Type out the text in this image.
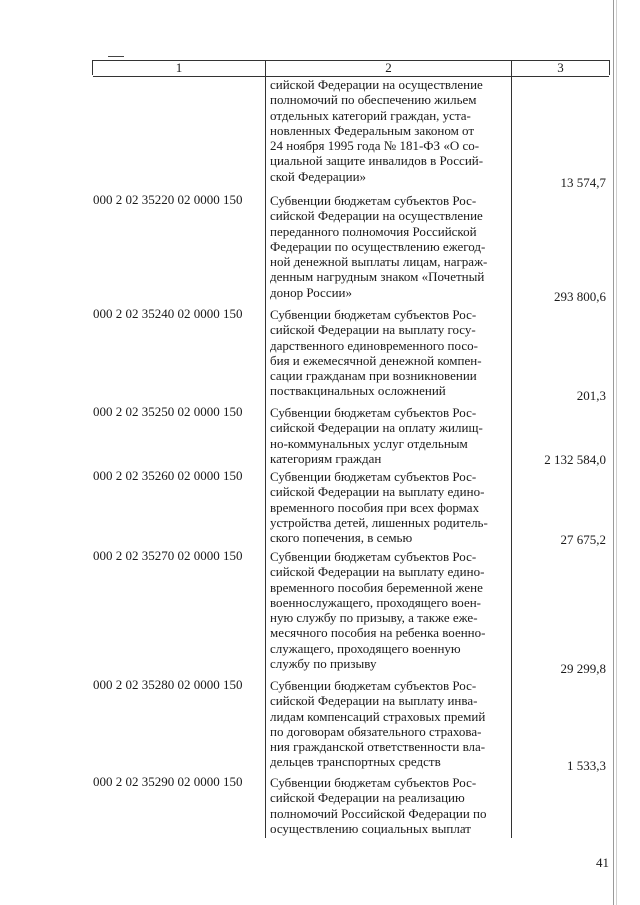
1	2	3
сийской Федерации на осуществление
полномочий по обеспечению жильем
отдельных категорий граждан, уста-
новленных Федеральным законом от
24 ноября 1995 года № 181-ФЗ «О со-
циальной защите инвалидов в Россий-
ской Федерации»	13 574,7
000 2 02 35220 02 0000 150	Субвенции бюджетам субъектов Рос-
сийской Федерации на осуществление
переданного полномочия Российской
Федерации по осуществлению ежегод-
ной денежной выплаты лицам, награж-
денным нагрудным знаком «Почетный
донор России»	293 800,6
000 2 02 35240 02 0000 150	Субвенции бюджетам субъектов Рос-
сийской Федерации на выплату госу-
дарственного единовременного посо-
бия и ежемесячной денежной компен-
сации гражданам при возникновении
поствакцинальных осложнений	201,3
000 2 02 35250 02 0000 150	Субвенции бюджетам субъектов Рос-
сийской Федерации на оплату жилищ-
но-коммунальных услуг отдельным
категориям граждан	2 132 584,0
000 2 02 35260 02 0000 150	Субвенции бюджетам субъектов Рос-
сийской Федерации на выплату едино-
временного пособия при всех формах
устройства детей, лишенных родитель-
ского попечения, в семью	27 675,2
000 2 02 35270 02 0000 150	Субвенции бюджетам субъектов Рос-
сийской Федерации на выплату едино-
временного пособия беременной жене
военнослужащего, проходящего воен-
ную службу по призыву, а также еже-
месячного пособия на ребенка военно-
служащего, проходящего военную
службу по призыву	29 299,8
000 2 02 35280 02 0000 150	Субвенции бюджетам субъектов Рос-
сийской Федерации на выплату инва-
лидам компенсаций страховых премий
по договорам обязательного страхова-
ния гражданской ответственности вла-
дельцев транспортных средств	1 533,3
000 2 02 35290 02 0000 150	Субвенции бюджетам субъектов Рос-
сийской Федерации на реализацию
полномочий Российской Федерации по
осуществлению социальных выплат
41
